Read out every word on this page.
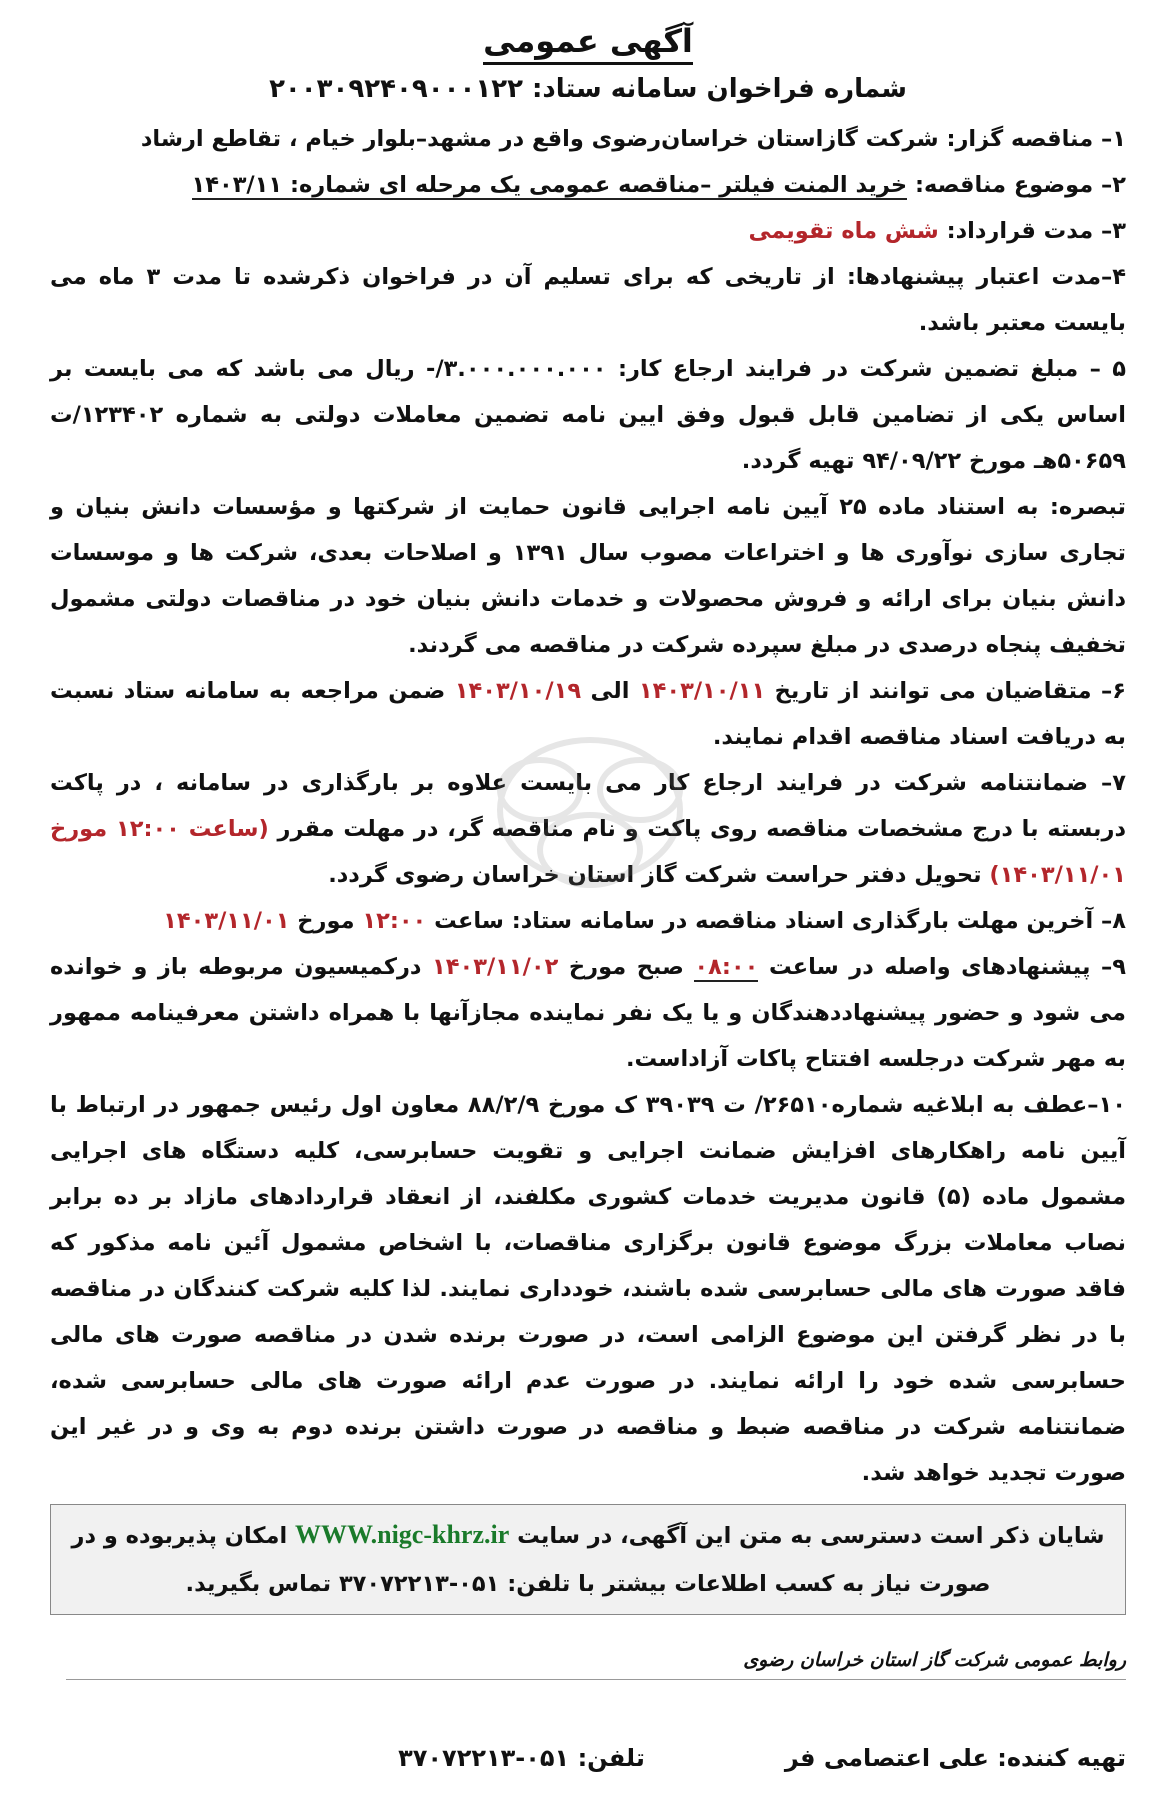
آگهی عمومی
شماره فراخوان سامانه ستاد: ۲۰۰۳۰۹۲۴۰۹۰۰۰۱۲۲

۱– مناقصه گزار: شرکت گازاستان خراسان‌رضوی واقع در مشهد–بلوار خیام ، تقاطع ارشاد

۲– موضوع مناقصه: خرید المنت فیلتر –مناقصه عمومی یک مرحله ای شماره: ۱۴۰۳/۱۱

۳– مدت قرارداد: شش ماه تقویمی

۴–مدت اعتبار پیشنهادها: از تاریخی که برای تسلیم آن در فراخوان ذکرشده تا مدت ۳ ماه می بایست معتبر باشد.

۵ – مبلغ تضمین شرکت در فرایند ارجاع کار: ‎-/۳.۰۰۰.۰۰۰.۰۰۰‎ ریال می باشد که می بایست بر اساس یکی از تضامین قابل قبول وفق ایین نامه تضمین معاملات دولتی به شماره ۱۲۳۴۰۲/ت ۵۰۶۵۹هـ مورخ ۹۴/۰۹/۲۲ تهیه گردد.

تبصره: به استناد ماده ۲۵ آیین نامه اجرایی قانون حمایت از شرکتها و مؤسسات دانش بنیان و تجاری سازی نوآوری ها و اختراعات مصوب سال ۱۳۹۱ و اصلاحات بعدی، شرکت ها و موسسات دانش بنیان برای ارائه و فروش محصولات و خدمات دانش بنیان خود در مناقصات دولتی مشمول تخفیف پنجاه درصدی در مبلغ سپرده شرکت در مناقصه می گردند.

۶– متقاضیان می توانند از تاریخ ۱۴۰۳/۱۰/۱۱ الی ۱۴۰۳/۱۰/۱۹ ضمن مراجعه به سامانه ستاد نسبت به دریافت اسناد مناقصه اقدام نمایند.

۷– ضمانتنامه شرکت در فرایند ارجاع کار می بایست علاوه بر بارگذاری در سامانه ، در پاکت دربسته با درج مشخصات مناقصه روی پاکت و نام مناقصه گر، در مهلت مقرر (ساعت ۱۲:۰۰ مورخ ۱۴۰۳/۱۱/۰۱) تحویل دفتر حراست شرکت گاز استان خراسان رضوی گردد.

۸– آخرین مهلت بارگذاری اسناد مناقصه در سامانه ستاد: ساعت ۱۲:۰۰ مورخ ۱۴۰۳/۱۱/۰۱

۹– پیشنهادهای واصله در ساعت ۰۸:۰۰ صبح مورخ ۱۴۰۳/۱۱/۰۲ درکمیسیون مربوطه باز و خوانده می شود و حضور پیشنهاددهندگان و یا یک نفر نماینده مجازآنها با همراه داشتن معرفینامه ممهور به مهر شرکت درجلسه افتتاح پاکات آزاداست.

۱۰–عطف به ابلاغیه شماره۲۶۵۱۰/ ت ۳۹۰۳۹ ک مورخ ۸۸/۲/۹ معاون اول رئیس جمهور در ارتباط با آیین نامه راهکارهای افزایش ضمانت اجرایی و تقویت حسابرسی، کلیه دستگاه های اجرایی مشمول ماده (۵) قانون مدیریت خدمات کشوری مکلفند، از انعقاد قراردادهای مازاد بر ده برابر نصاب معاملات بزرگ موضوع قانون برگزاری مناقصات، با اشخاص مشمول آئین نامه مذکور که فاقد صورت های مالی حسابرسی شده باشند، خودداری نمایند. لذا کلیه شرکت کنندگان در مناقصه با در نظر گرفتن این موضوع الزامی است، در صورت برنده شدن در مناقصه صورت های مالی حسابرسی شده خود را ارائه نمایند. در صورت عدم ارائه صورت های مالی حسابرسی شده، ضمانتنامه شرکت در مناقصه ضبط و مناقصه در صورت داشتن برنده دوم به وی و در غیر این صورت تجدید خواهد شد.

شایان ذکر است دسترسی به متن این آگهی، در سایت WWW.nigc-khrz.ir امکان پذیربوده و در صورت نیاز به کسب اطلاعات بیشتر با تلفن: ۰۵۱-۳۷۰۷۲۲۱۳ تماس بگیرید.
روابط عمومی شرکت گاز استان خراسان رضوی
تهیه کننده: علی اعتصامی فر
تلفن: ۰۵۱-۳۷۰۷۲۲۱۳
